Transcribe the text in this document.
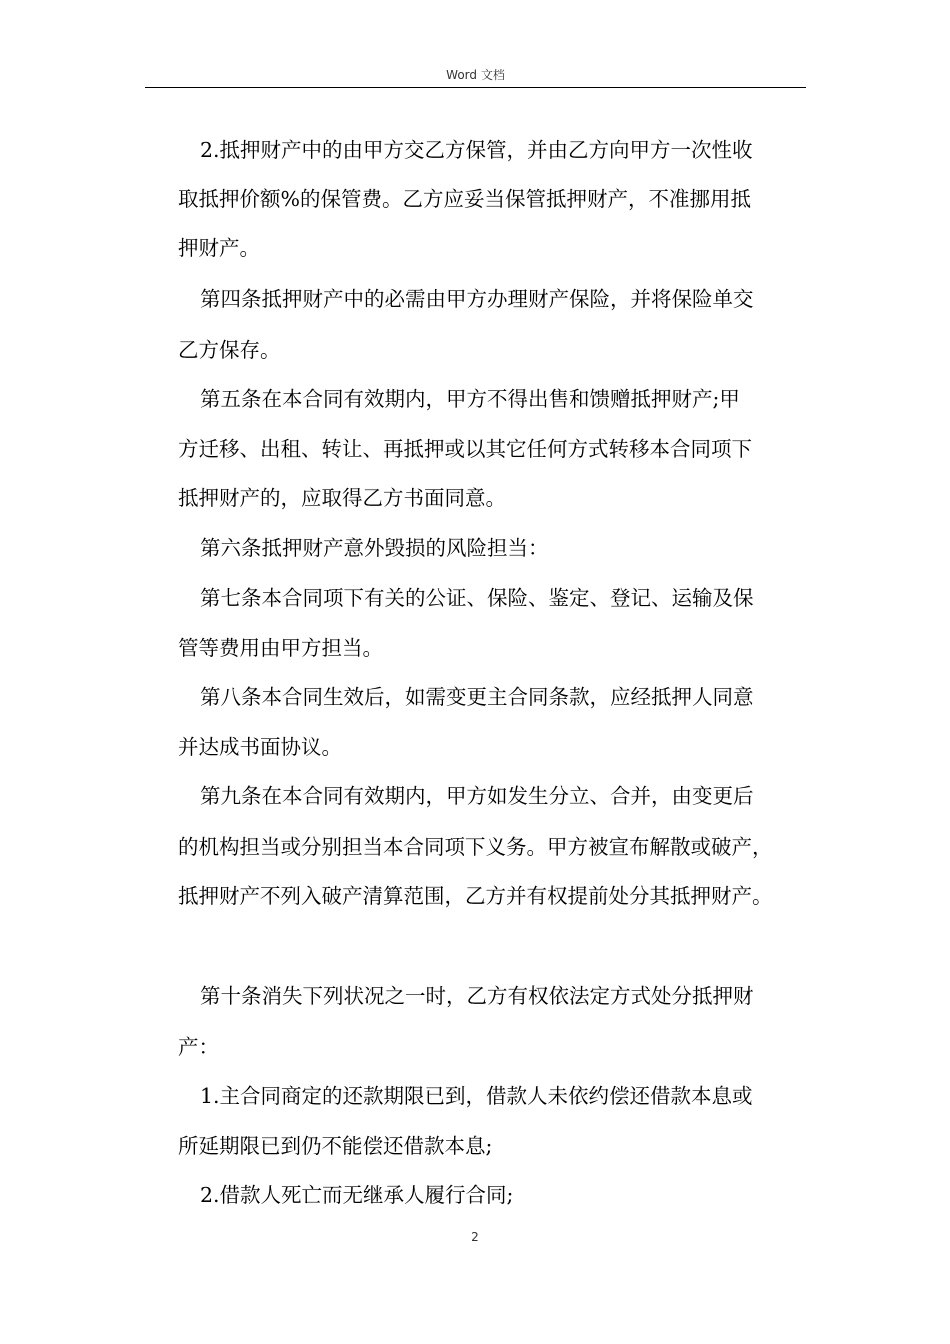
Word 文档
2.抵押财产中的由甲方交乙方保管，并由乙方向甲方一次性收
取抵押价额%的保管费。乙方应妥当保管抵押财产，不准挪用抵
押财产。
第四条抵押财产中的必需由甲方办理财产保险，并将保险单交
乙方保存。
第五条在本合同有效期内，甲方不得出售和馈赠抵押财产;甲
方迁移、出租、转让、再抵押或以其它任何方式转移本合同项下
抵押财产的，应取得乙方书面同意。
第六条抵押财产意外毁损的风险担当：
第七条本合同项下有关的公证、保险、鉴定、登记、运输及保
管等费用由甲方担当。
第八条本合同生效后，如需变更主合同条款，应经抵押人同意
并达成书面协议。
第九条在本合同有效期内，甲方如发生分立、合并，由变更后
的机构担当或分别担当本合同项下义务。甲方被宣布解散或破产，
抵押财产不列入破产清算范围，乙方并有权提前处分其抵押财产。
第十条消失下列状况之一时，乙方有权依法定方式处分抵押财
产：
1.主合同商定的还款期限已到，借款人未依约偿还借款本息或
所延期限已到仍不能偿还借款本息;
2.借款人死亡而无继承人履行合同;
2
